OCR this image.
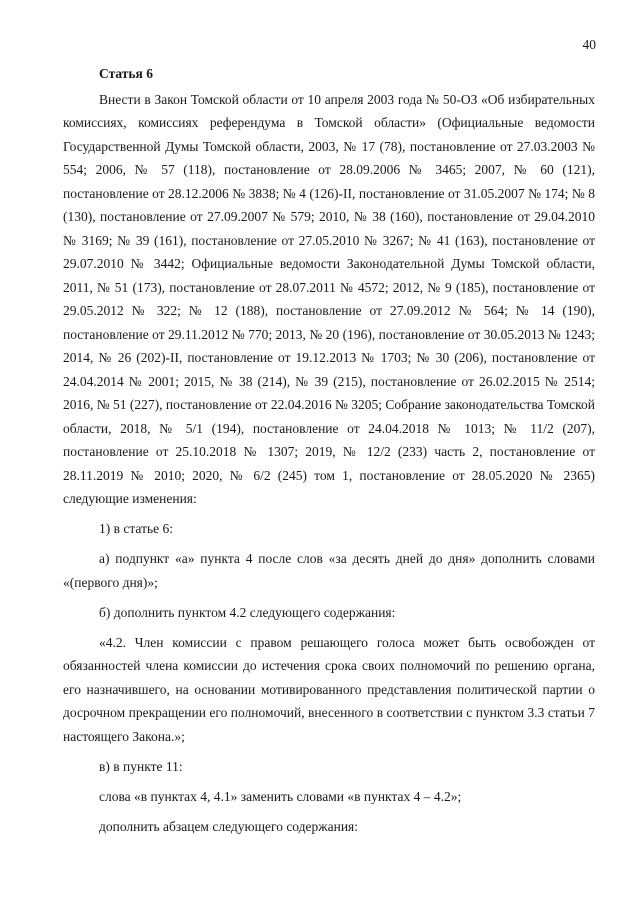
40

Статья 6

Внести в Закон Томской области от 10 апреля 2003 года № 50-ОЗ «Об избирательных комиссиях, комиссиях референдума в Томской области» (Официальные ведомости Государственной Думы Томской области, 2003, № 17 (78), постановление от 27.03.2003 № 554; 2006, № 57 (118), постановление от 28.09.2006 № 3465; 2007, № 60 (121), постановление от 28.12.2006 № 3838; № 4 (126)-II, постановление от 31.05.2007 № 174; № 8 (130), постановление от 27.09.2007 № 579; 2010, № 38 (160), постановление от 29.04.2010 № 3169; № 39 (161), постановление от 27.05.2010 № 3267; № 41 (163), постановление от 29.07.2010 № 3442; Официальные ведомости Законодательной Думы Томской области, 2011, № 51 (173), постановление от 28.07.2011 № 4572; 2012, № 9 (185), постановление от 29.05.2012 № 322; № 12 (188), постановление от 27.09.2012 № 564; № 14 (190), постановление от 29.11.2012 № 770; 2013, № 20 (196), постановление от 30.05.2013 № 1243; 2014, № 26 (202)-II, постановление от 19.12.2013 № 1703; № 30 (206), постановление от 24.04.2014 № 2001; 2015, № 38 (214), № 39 (215), постановление от 26.02.2015 № 2514; 2016, № 51 (227), постановление от 22.04.2016 № 3205; Собрание законодательства Томской области, 2018, № 5/1 (194), постановление от 24.04.2018 № 1013; № 11/2 (207), постановление от 25.10.2018 № 1307; 2019, № 12/2 (233) часть 2, постановление от 28.11.2019 № 2010; 2020, № 6/2 (245) том 1, постановление от 28.05.2020 № 2365) следующие изменения:

1) в статье 6:

а) подпункт «а» пункта 4 после слов «за десять дней до дня» дополнить словами «(первого дня)»;

б) дополнить пунктом 4.2 следующего содержания:

«4.2. Член комиссии с правом решающего голоса может быть освобожден от обязанностей члена комиссии до истечения срока своих полномочий по решению органа, его назначившего, на основании мотивированного представления политической партии о досрочном прекращении его полномочий, внесенного в соответствии с пунктом 3.3 статьи 7 настоящего Закона.»;

в) в пункте 11:

слова «в пунктах 4, 4.1» заменить словами «в пунктах 4 – 4.2»;

дополнить абзацем следующего содержания:
